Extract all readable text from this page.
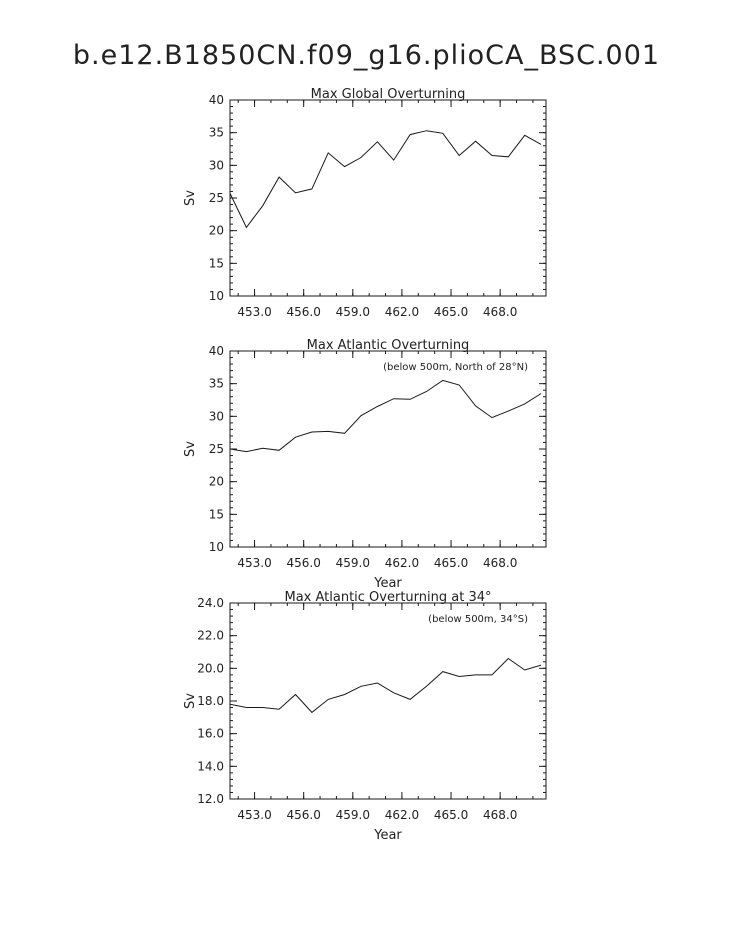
b.e12.B1850CN.f09_g16.plioCA_BSC.001
453.0 456.0 459.0 462.0 465.0 468.0
10
15
20
25
30
35
40	Max Global Overturning
Sv
453.0 456.0 459.0 462.0 465.0 468.0
10
15
20
25
30
35
40	Max Atlantic Overturning
(below 500m, North of 28°N)
Sv
Year
453.0 456.0 459.0 462.0 465.0 468.0
12.0
14.0
16.0
18.0
20.0
22.0
24.0	Max Atlantic Overturning at 34°
(below 500m, 34°S)
Sv
Year
